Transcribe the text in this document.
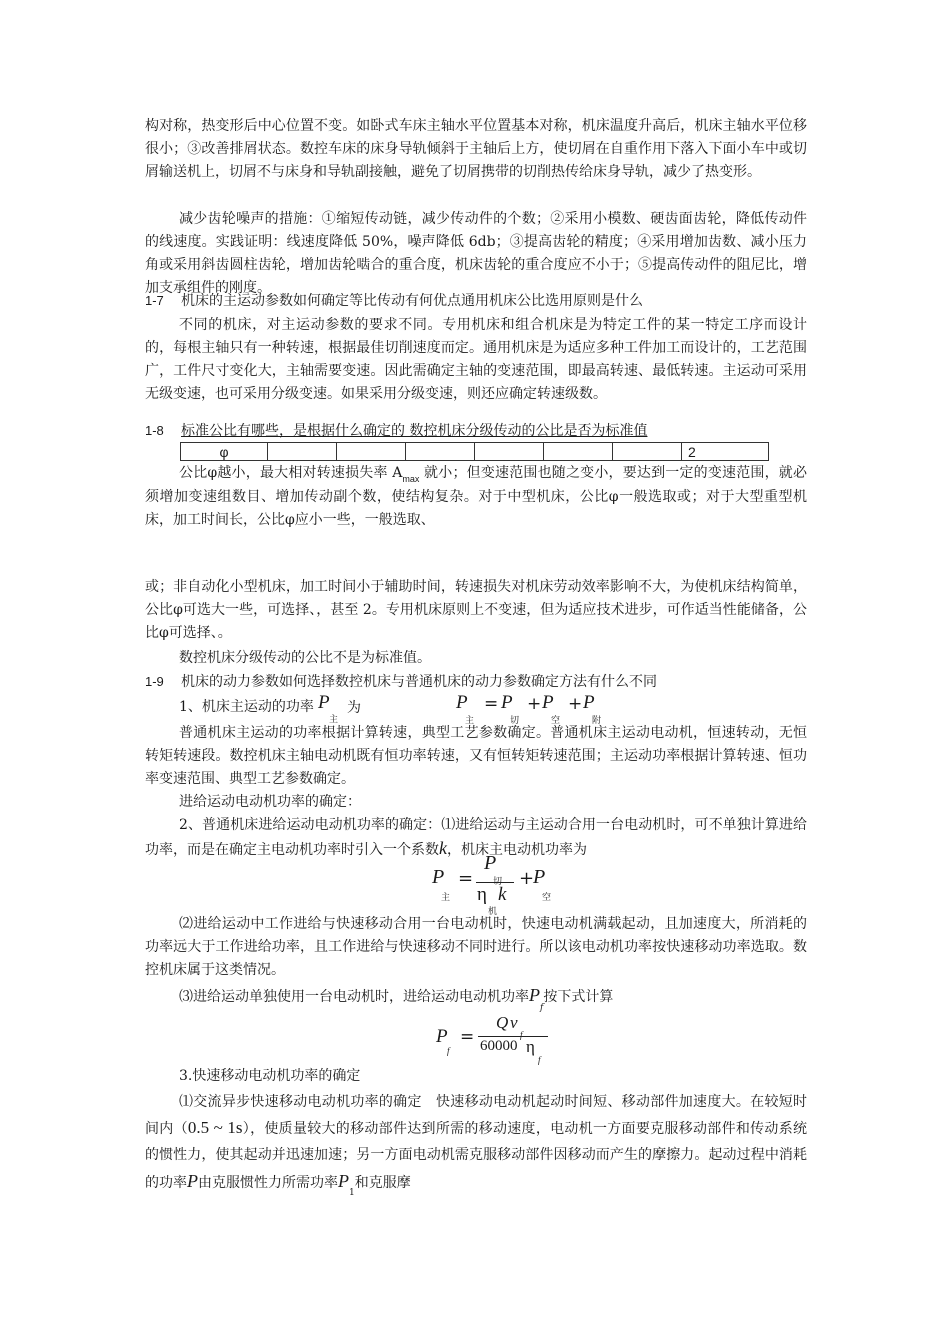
构对称，热变形后中心位置不变。如卧式车床主轴水平位置基本对称，机床温度升高后，机床主轴水平位移很小；③改善排屑状态。数控车床的床身导轨倾斜于主轴后上方，使切屑在自重作用下落入下面小车中或切屑输送机上，切屑不与床身和导轨副接触，避免了切屑携带的切削热传给床身导轨，减少了热变形。

减少齿轮噪声的措施：①缩短传动链，减少传动件的个数；②采用小模数、硬齿面齿轮，降低传动件的线速度。实践证明：线速度降低 50%，噪声降低 6db；③提高齿轮的精度；④采用增加齿数、减小压力角或采用斜齿圆柱齿轮，增加齿轮啮合的重合度，机床齿轮的重合度应不小于；⑤提高传动件的阻尼比，增加支承组件的刚度。

1-7 机床的主运动参数如何确定等比传动有何优点通用机床公比选用原则是什么

不同的机床，对主运动参数的要求不同。专用机床和组合机床是为特定工件的某一特定工序而设计的，每根主轴只有一种转速，根据最佳切削速度而定。通用机床是为适应多种工件加工而设计的，工艺范围广，工件尺寸变化大，主轴需要变速。因此需确定主轴的变速范围，即最高转速、最低转速。主运动可采用无级变速，也可采用分级变速。如果采用分级变速，则还应确定转速级数。

1-8 标准公比有哪些，是根据什么确定的 数控机床分级传动的公比是否为标准值
φ							2

公比φ越小，最大相对转速损失率 $A_{max}$ 就小；但变速范围也随之变小，要达到一定的变速范围，就必须增加变速组数目、增加传动副个数，使结构复杂。对于中型机床，公比φ一般选取或；对于大型重型机床，加工时间长，公比φ应小一些，一般选取、

或；非自动化小型机床，加工时间小于辅助时间，转速损失对机床劳动效率影响不大，为使机床结构简单，公比φ可选大一些，可选择、，甚至 2。专用机床原则上不变速，但为适应技术进步，可作适当性能储备，公比φ可选择、。

数控机床分级传动的公比不是为标准值。

1-9 机床的动力参数如何选择数控机床与普通机床的动力参数确定方法有什么不同
1、机床主运动的功率 P
主
为	P
主
= P
切
+ P
空
+ P
附

普通机床主运动的功率根据计算转速，典型工艺参数确定。普通机床主运动电动机，恒速转动，无恒转矩转速段。数控机床主轴电动机既有恒功率转速，又有恒转矩转速范围；主运动功率根据计算转速、恒功率变速范围、典型工艺参数确定。

进给运动电动机功率的确定：

2、普通机床进给运动电动机功率的确定：⑴进给运动与主运动合用一台电动机时，可不单独计算进给功率，而是在确定主电动机功率时引入一个系数k，机床主电动机功率为

P
主
=
P
切
η
机
k
+
P
空

⑵进给运动中工作进给与快速移动合用一台电动机时，快速电动机满载起动，且加速度大，所消耗的功率远大于工作进给功率，且工作进给与快速移动不同时进行。所以该电动机功率按快速移动功率选取。数控机床属于这类情况。

⑶进给运动单独使用一台电动机时，进给运动电动机功率$P_f$按下式计算

P
f
=
Q v
f
60000 η
f
3.快速移动电动机功率的确定

⑴交流异步快速移动电动机功率的确定　快速移动电动机起动时间短、移动部件加速度大。在较短时间内（0.5 ~ 1s），使质量较大的移动部件达到所需的移动速度，电动机一方面要克服移动部件和传动系统的惯性力，使其起动并迅速加速；另一方面电动机需克服移动部件因移动而产生的摩擦力。起动过程中消耗的功率P由克服惯性力所需功率$P_1$和克服摩
